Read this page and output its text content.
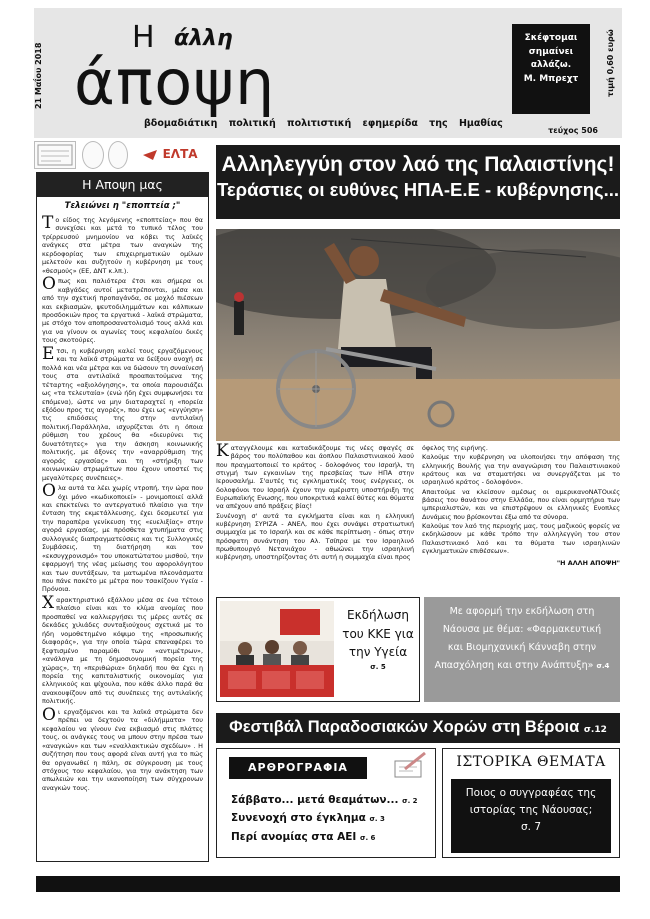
21 Μαΐου 2018
Η άλλη
άποψη
βδομαδιάτικη πολιτική πολιτιστική εφημερίδα της Ημαθίας
τεύχος 506
Σκέφτομαι
σημαίνει
αλλάζω.
Μ. Μπρεχτ	τιμή 0,60 ευρώ
ΕΛΤΑ
Η Αποψη μας
Τελειώνει η "εποπτεία ;"

Το είδος της λεγόμενης «εποπτείας» που θα συνεχίσει και μετά το τυπικό τέλος του τρίρρευσού μνημονίου να κόβει τις λαϊκές ανάγκες στα μέτρα των αναγκών της κερδοφορίας των επιχειρηματικών ομίλων μελετούν και συζητούν η κυβέρνηση με τους «θεσμούς» (ΕΕ, ΔΝΤ κ.λπ.).

Οπως και παλιότερα έτσι και σήμερα οι καβγάδες αυτοί μετατρέπονται, μέσα και από την σχετική προπαγάνδα, σε μοχλό πιέσεων και εκβιασμών, ψευτοδιλημμάτων και κάλπικων προσδοκιών προς τα εργατικά - λαϊκά στρώματα, με στόχο τον αποπροσανατολισμό τους αλλά και για να γίνουν οι αγωνίες τους κεφαλαίου δικές τους σκοτούρες.

Ετσι, η κυβέρνηση καλεί τους εργαζόμενους και τα λαϊκά στρώματα να δείξουν ανοχή σε πολλά και νέα μέτρα και να δώσουν τη συναίνεσή τους στα αντιλαϊκά προαπαιτούμενα της τέταρτης «αξιολόγησης», τα οποία παρουσιάζει ως «τα τελευταία» (ενώ ήδη έχει συμφωνήσει τα επόμενα), ώστε να μην διαταραχτεί η «πορεία εξόδου προς τις αγορές», που έχει ως «εγγύηση» τις επιδόσεις της στην αντιλαϊκή πολιτική.Παράλληλα, ισχυρίζεται ότι η όποια ρύθμιση του χρέους θα «διευρύνει τις δυνατότητες» για την άσκηση κοινωνικής πολιτικής, με άξονες την «αναρρύθμιση της αγοράς εργασίας» και τη «στήριξη των κοινωνικών στρωμάτων που έχουν υποστεί τις μεγαλύτερες συνέπειες».

Ολα αυτά τα λέει χωρίς ντροπή, την ώρα που όχι μόνο «κωδικοποιεί» - μονιμοποιεί αλλά και επεκτείνει το αντεργατικό πλαίσιο για την ένταση της εκμετάλλευσης, έχει δεσμευτεί για την παραπέρα γενίκευση της «ευελιξίας» στην αγορά εργασίας, με πρόσθετα χτυπήματα στις συλλογικές διαπραγματεύσεις και τις Συλλογικές Συμβάσεις, τη διατήρηση και τον «εκσυγχρονισμό» του υποκατώτατου μισθού, την εφαρμογή της νέας μείωσης του αφορολόγητου και των συντάξεων, τα ματωμένα πλεονάσματα που πάνε πακέτο με μέτρα που τσακίζουν Υγεία - Πρόνοια.

Χαρακτηριστικό εξάλλου μέσα σε ένα τέτοιο πλαίσιο είναι και το κλίμα ανομίας που προσπαθεί να καλλιεργήσει τις μέρες αυτές σε δεκάδες χιλιάδες συνταξιούχους σχετικά με το ήδη νομοθετημένο κόψιμο της «προσωπικής διαφοράς», για την οποία τώρα επαναφέρει το ξεφτισμένο παραμύθι των «αντιμέτρων», «ανάλογα με τη δημοσιονομική πορεία της χώρας», τη «περιθώρια» δηλαδή που θα έχει η πορεία της καπιταλιστικής οικονομίας για ελληνικούς και ψίχουλα, που κάθε άλλο παρά θα ανακουφίζουν από τις συνέπειες της αντιλαϊκής πολιτικής.

Οι εργαζόμενοι και τα λαϊκά στρώματα δεν πρέπει να δεχτούν τα «διλήμματα» του κεφαλαίου να γίνουν ένα εκβιασμό στις πλάτες τους, οι ανάγκες τους να μπουν στην πρέσα των «αναγκών» και των «εναλλακτικών σχεδίων» . Η συζήτηση που τους αφορά είναι αυτή για το πώς θα οργανωθεί η πάλη, σε σύγκρουση με τους στόχους του κεφαλαίου, για την ανάκτηση των απωλειών και την ικανοποίηση των σύγχρονων αναγκών τους.

Αλληλεγγύη στον λαό της Παλαιστίνης!
Τεράστιες οι ευθύνες ΗΠΑ-Ε.Ε - κυβέρνησης...

Καταγγέλουμε και καταδικάζουμε τις νέες σφαγές σε βάρος του πολύπαθου και άοπλου Παλαιστινιακού λαού που πραγματοποιεί το κράτος - δολοφόνος του Ισραήλ, τη στιγμή των εγκαινίων της πρεσβείας των ΗΠΑ στην Ιερουσαλήμ. Σ'αυτές τις εγκληματικές τους ενέργειες, οι δολοφόνοι του Ισραήλ έχουν την αμέριστη υποστήριξη της Ευρωπαϊκής Ενωσης, που υποκριτικά καλεί θύτες και θύματα να απέχουν από πράξεις βίας!

Συνένοχη σ' αυτά τα εγκλήματα είναι και η ελληνική κυβέρνηση ΣΥΡΙΖΑ - ΑΝΕΛ, που έχει συνάψει στρατιωτική συμμαχία με το Ισραήλ και σε κάθε περίπτωση - όπως στην πρόσφατη συνάντηση του Αλ. Τσίπρα με τον Ισραηλινό πρωθυπουργό Νετανιάχου - αθωώνει την ισραηλινή κυβέρνηση, υποστηρίζοντας ότι αυτή η συμμαχία είναι προς

όφελος της ειρήνης.

Καλούμε την κυβέρνηση να υλοποιήσει την απόφαση της ελληνικής Βουλής για την αναγνώριση του Παλαιστινιακού κράτους και να σταματήσει να συνεργάζεται με το ισραηλινό κράτος - δολοφόνο».

Απαιτούμε να κλείσουν αμέσως οι αμερικανοΝΑΤΟικές βάσεις του θανάτου στην Ελλάδα, που είναι ορμητήρια των ιμπεριαλιστών, και να επιστρέψουν οι ελληνικές Ενοπλες Δυνάμεις που βρίσκονται έξω από τα σύνορα.

Καλούμε τον λαό της περιοχής μας, τους μαζικούς φορείς να εκδηλώσουν με κάθε τρόπο την αλληλεγγύη του στον Παλαιστινιακό λαό και τα θύματα των ισραηλινών εγκληματικών επιθέσεων».

"Η ΑΛΛΗ ΑΠΟΨΗ"
Εκδήλωση
του ΚΚΕ για
την Υγεία
σ. 5
Με αφορμή την εκδήλωση στη
Νάουσα με θέμα: «Φαρμακευτική
και Βιομηχανική Κάνναβη στην
Απασχόληση και στην Ανάπτυξη» σ.4
Φεστιβάλ Παραδοσιακών Χορών στη Βέροια σ.12
ΑΡΘΡΟΓΡΑΦΙΑ
Σάββατο... μετά θεαμάτων... σ. 2
Συνενοχή στο έγκλημα σ. 3
Περί ανομίας στα ΑΕΙ σ. 6
ΙΣΤΟΡΙΚΑ ΘΕΜΑΤΑ
Ποιος ο συγγραφέας της
ιστορίας της Νάουσας;
σ. 7
